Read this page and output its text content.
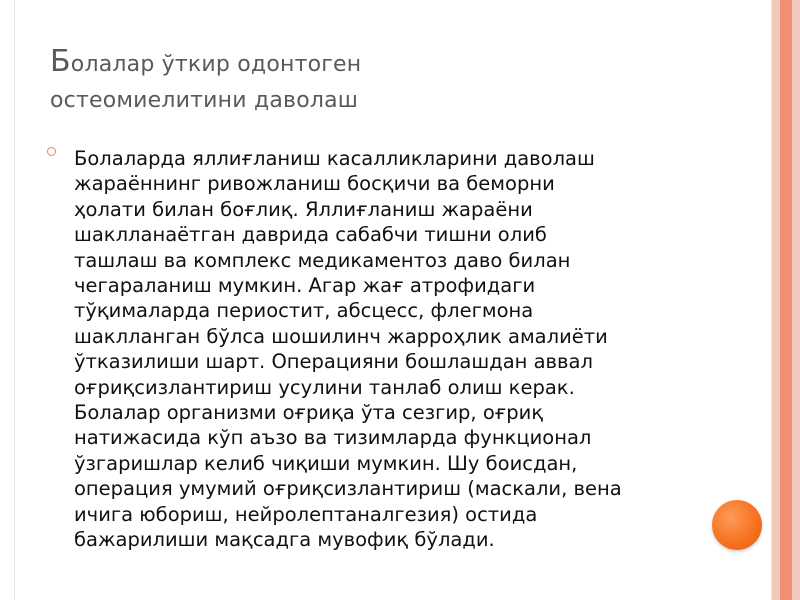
Болалар ўткир одонтоген
остеомиелитини даволаш

Болаларда яллиғланиш касалликларини даволаш
жараённинг ривожланиш босқичи ва беморни
ҳолати билан боғлиқ. Яллиғланиш жараёни
шаклланаётган даврида сабабчи тишни олиб
ташлаш ва комплекс медикаментоз даво билан
чегараланиш мумкин. Агар жағ атрофидаги
тўқималарда периостит, абсцесс, флегмона
шаклланган бўлса шошилинч жарроҳлик амалиёти
ўтказилиши шарт. Операцияни бошлашдан аввал
оғриқсизлантириш усулини танлаб олиш керак.
Болалар организми оғриқа ўта сезгир, оғриқ
натижасида кўп аъзо ва тизимларда функционал
ўзгаришлар келиб чиқиши мумкин. Шу боисдан,
операция умумий оғриқсизлантириш (маскали, вена
ичига юбориш, нейролептаналгезия) остида
бажарилиши мақсадга мувофиқ бўлади.
